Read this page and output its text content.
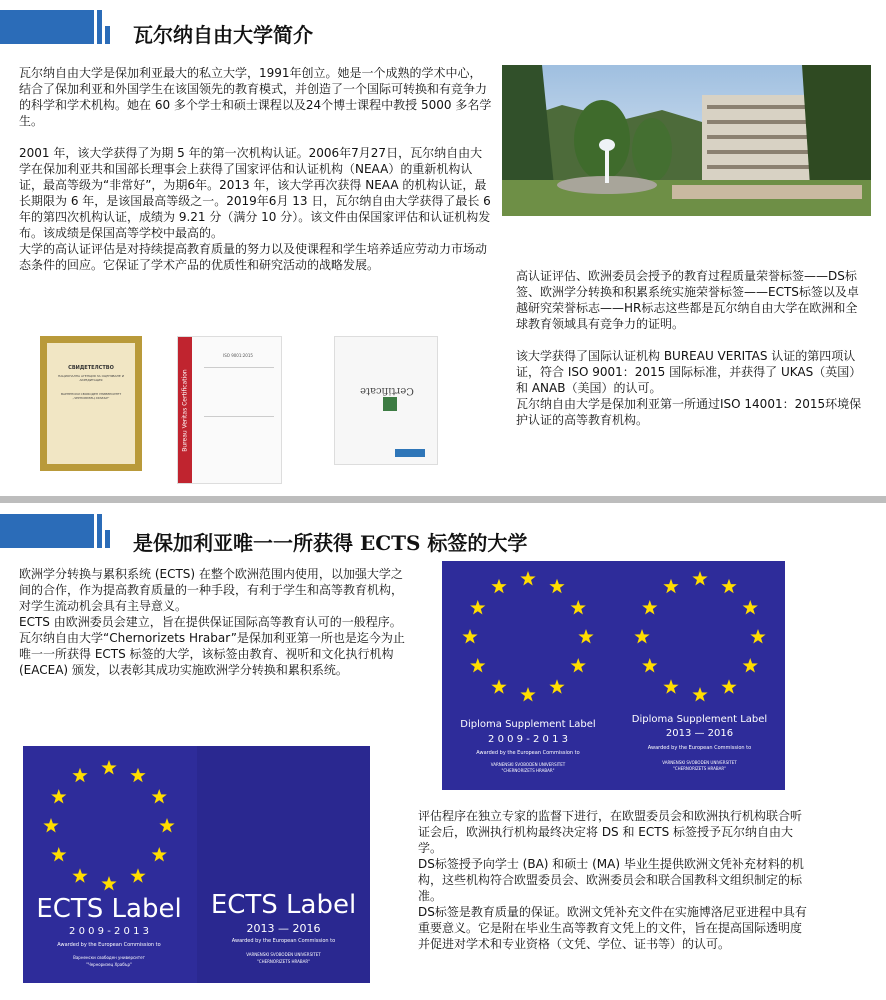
瓦尔纳自由大学简介

瓦尔纳自由大学是保加利亚最大的私立大学，1991年创立。她是一个成熟的学术中心，结合了保加利亚和外国学生在该国领先的教育模式，并创造了一个国际可转换和有竞争力的科学和学术机构。她在 60 多个学士和硕士课程以及24个博士课程中教授 5000 多名学生。

2001 年，该大学获得了为期 5 年的第一次机构认证。2006年7月27日，瓦尔纳自由大学在保加利亚共和国部长理事会上获得了国家评估和认证机构（NEAA）的重新机构认证，最高等级为“非常好”，为期6年。2013 年，该大学再次获得 NEAA 的机构认证，最长期限为 6 年，是该国最高等级之一。2019年6月 13 日，瓦尔纳自由大学获得了最长 6 年的第四次机构认证，成绩为 9.21 分（满分 10 分）。该文件由保国家评估和认证机构发布。该成绩是保国高等学校中最高的。

大学的高认证评估是对持续提高教育质量的努力以及使课程和学生培养适应劳动力市场动态条件的回应。它保证了学术产品的优质性和研究活动的战略发展。

СВИДЕТЕЛСТВО
НАЦИОНАЛНА АГЕНЦИЯ ЗА ОЦЕНЯВАНЕ И АКРЕДИТАЦИЯ
ВАРНЕНСКИ СВОБОДЕН УНИВЕРСИТЕТ „ЧЕРНОРИЗЕЦ ХРАБЪР“	Bureau Veritas Certification
ISO 9001:2015
Certificate

高认证评估、欧洲委员会授予的教育过程质量荣誉标签——DS标签、欧洲学分转换和积累系统实施荣誉标签——ECTS标签以及卓越研究荣誉标志——HR标志这些都是瓦尔纳自由大学在欧洲和全球教育领域具有竞争力的证明。

该大学获得了国际认证机构 BUREAU VERITAS 认证的第四项认证，符合 ISO 9001：2015 国际标准，并获得了 UKAS（英国）和 ANAB（美国）的认可。

瓦尔纳自由大学是保加利亚第一所通过ISO 14001：2015环境保护认证的高等教育机构。

是保加利亚唯一一所获得 ECTS 标签的大学

欧洲学分转换与累积系统 (ECTS) 在整个欧洲范围内使用，以加强大学之间的合作，作为提高教育质量的一种手段，有利于学生和高等教育机构，对学生流动机会具有主导意义。

ECTS 由欧洲委员会建立，旨在提供保证国际高等教育认可的一般程序。

瓦尔纳自由大学“Chernorizets Hrabar”是保加利亚第一所也是迄今为止唯一一所获得 ECTS 标签的大学，该标签由教育、视听和文化执行机构 (EACEA) 颁发，以表彰其成功实施欧洲学分转换和累积系统。

Diploma Supplement Label
2 0 0 9 - 2 0 1 3
Awarded by the European Commission to
VARNENSKI SVOBODEN UNIVERSITET
"CHERNORIZETS HRABAR"
Diploma Supplement Label
2013 — 2016
Awarded by the European Commission to
VARNENSKI SVOBODEN UNIVERSITET
"CHERNORIZETS HRABAR"
ECTS Label
2 0 0 9 - 2 0 1 3
Awarded by the European Commission to
Варненски свободен университет
"Черноризец Храбър"
ECTS Label
2013 — 2016
Awarded by the European Commission to
VARNENSKI SVOBODEN UNIVERSITET
"CHERNORIZETS HRABAR"

评估程序在独立专家的监督下进行，在欧盟委员会和欧洲执行机构联合听证会后，欧洲执行机构最终决定将 DS 和 ECTS 标签授予瓦尔纳自由大学。

DS标签授予向学士 (BA) 和硕士 (MA) 毕业生提供欧洲文凭补充材料的机构，这些机构符合欧盟委员会、欧洲委员会和联合国教科文组织制定的标准。

DS标签是教育质量的保证。欧洲文凭补充文件在实施博洛尼亚进程中具有重要意义。它是附在毕业生高等教育文凭上的文件，旨在提高国际透明度并促进对学术和专业资格（文凭、学位、证书等）的认可。
